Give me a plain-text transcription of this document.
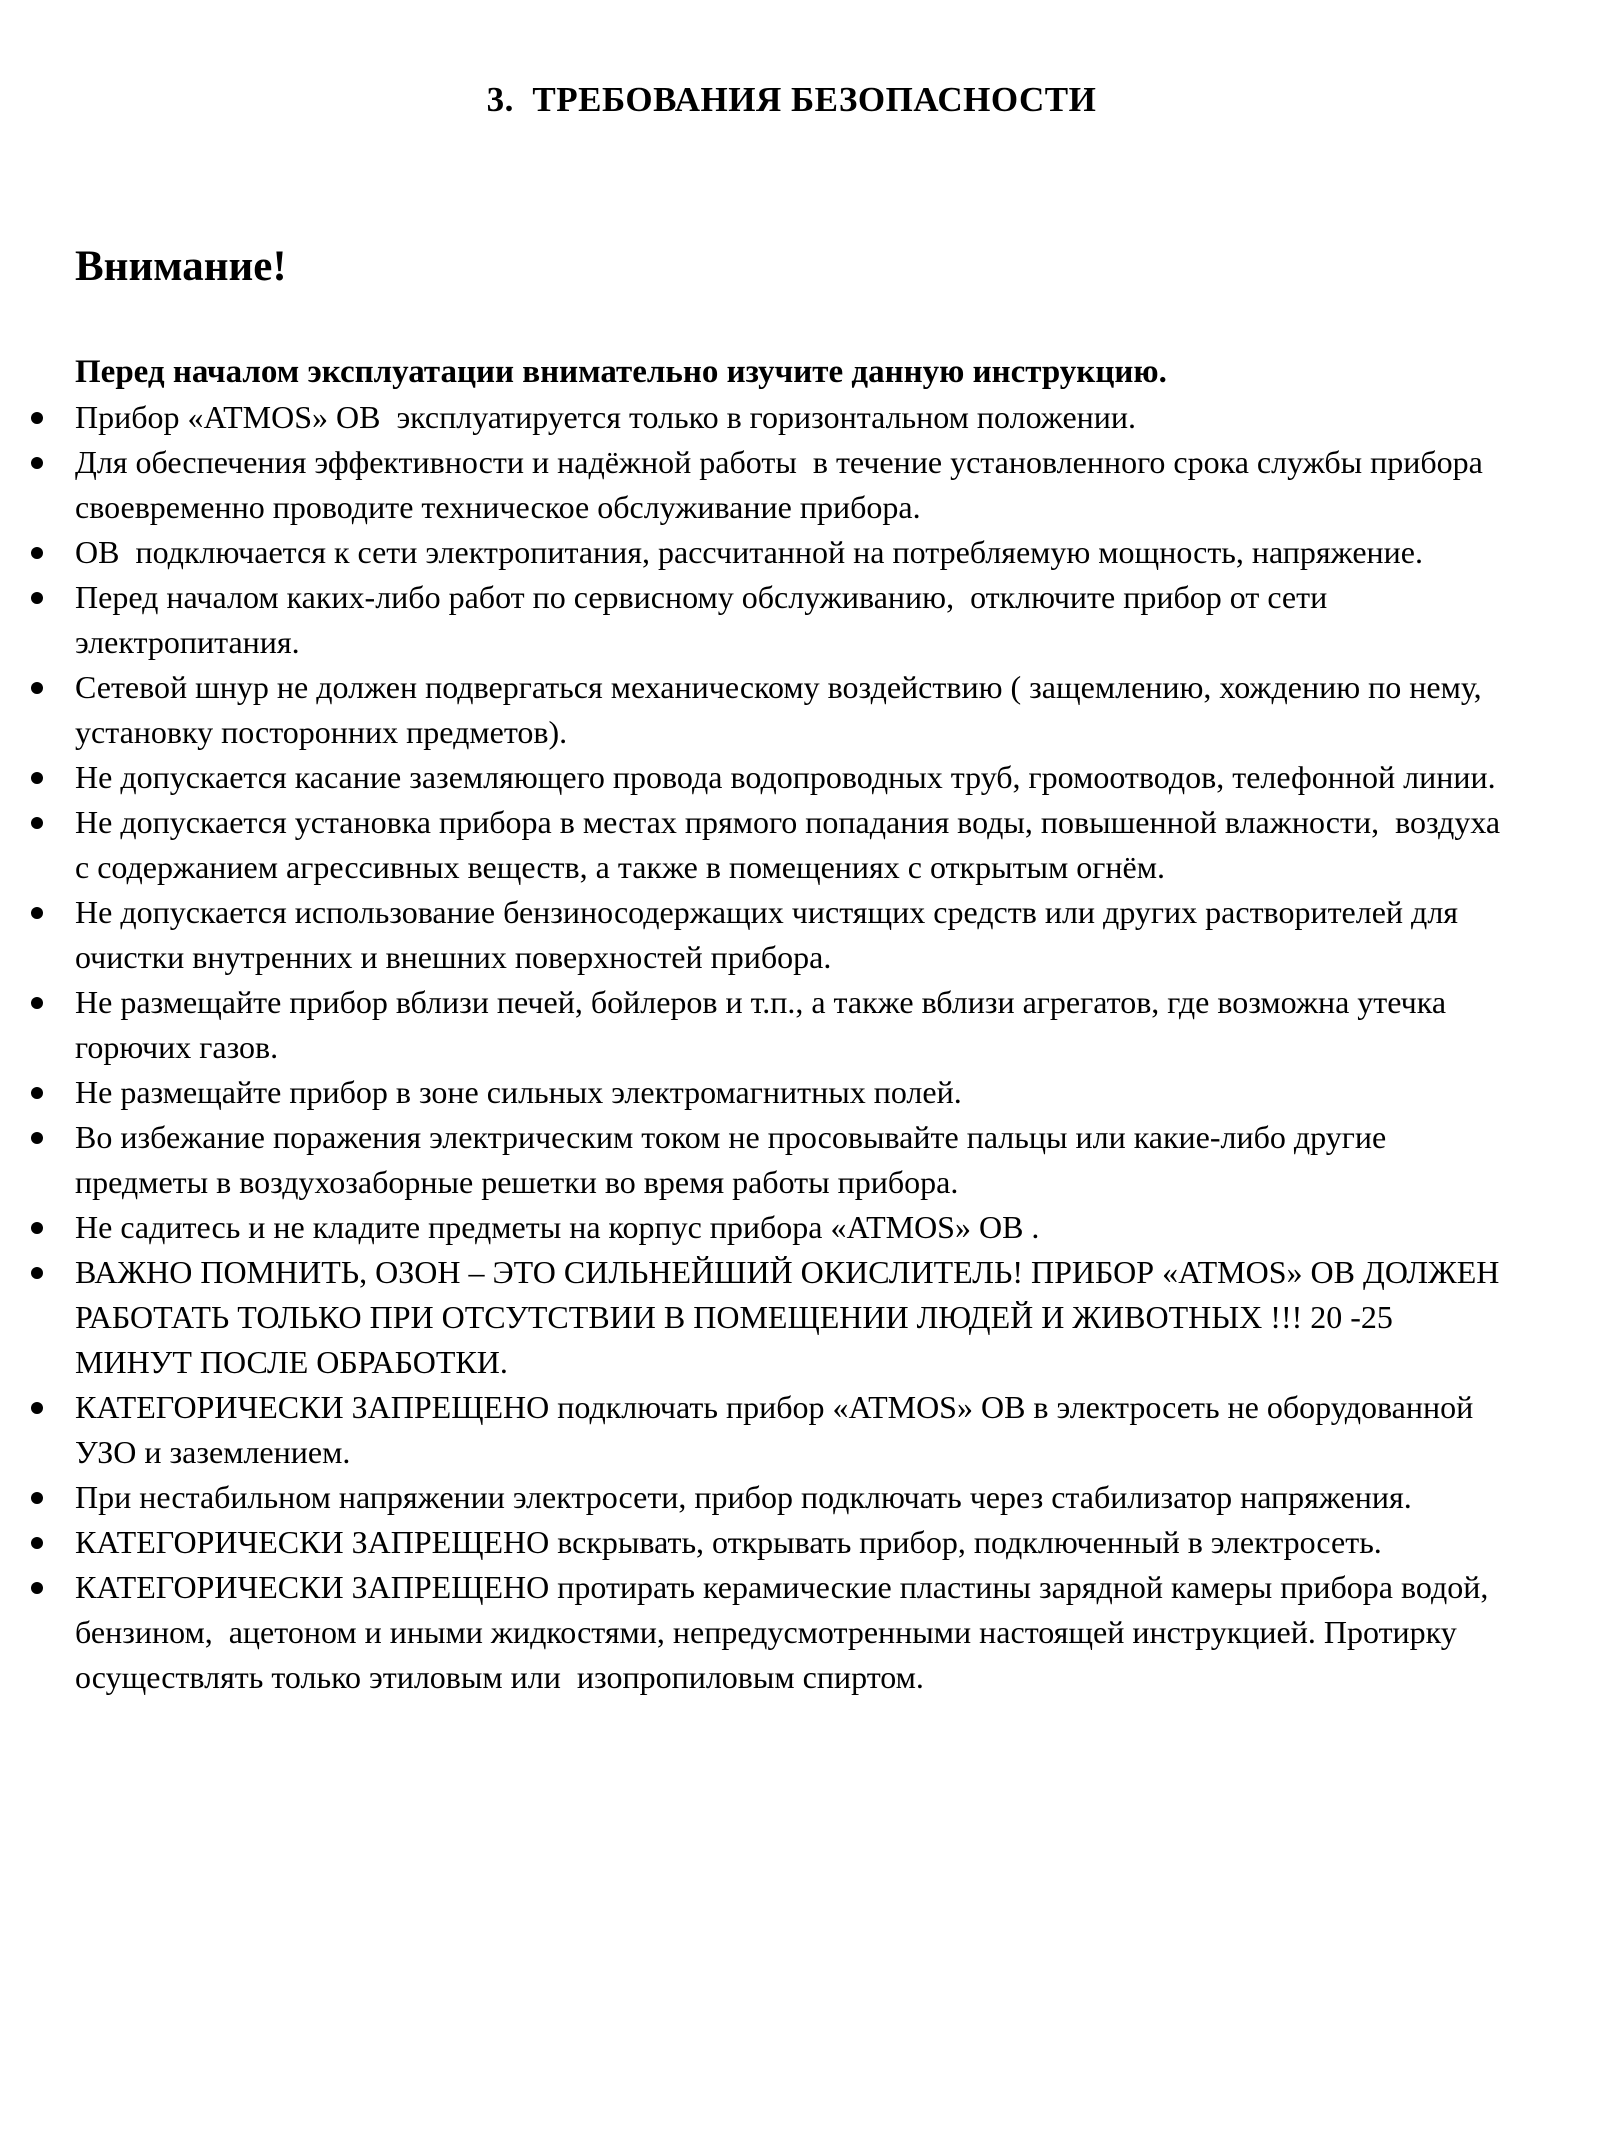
3.  ТРЕБОВАНИЯ БЕЗОПАСНОСТИ
Внимание!

Перед началом эксплуатации внимательно изучите данную инструкцию.

Прибор «ATMOS» ОВ  эксплуатируется только в горизонтальном положении.
Для обеспечения эффективности и надёжной работы  в течение установленного срока службы прибора своевременно проводите техническое обслуживание прибора.
ОВ  подключается к сети электропитания, рассчитанной на потребляемую мощность, напряжение.
Перед началом каких-либо работ по сервисному обслуживанию,  отключите прибор от сети электропитания.
Сетевой шнур не должен подвергаться механическому воздействию ( защемлению, хождению по нему, установку посторонних предметов).
Не допускается касание заземляющего провода водопроводных труб, громоотводов, телефонной линии.
Не допускается установка прибора в местах прямого попадания воды, повышенной влажности,  воздуха с содержанием агрессивных веществ, а также в помещениях с открытым огнём.
Не допускается использование бензиносодержащих чистящих средств или других растворителей для очистки внутренних и внешних поверхностей прибора.
Не размещайте прибор вблизи печей, бойлеров и т.п., а также вблизи агрегатов, где возможна утечка горючих газов.
Не размещайте прибор в зоне сильных электромагнитных полей.
Во избежание поражения электрическим током не просовывайте пальцы или какие-либо другие предметы в воздухозаборные решетки во время работы прибора.
Не садитесь и не кладите предметы на корпус прибора «ATMOS» ОВ .
ВАЖНО ПОМНИТЬ, ОЗОН – ЭТО СИЛЬНЕЙШИЙ ОКИСЛИТЕЛЬ! ПРИБОР «ATMOS» ОВ ДОЛЖЕН РАБОТАТЬ ТОЛЬКО ПРИ ОТСУТСТВИИ В ПОМЕЩЕНИИ ЛЮДЕЙ И ЖИВОТНЫХ !!! 20 -25  МИНУТ ПОСЛЕ ОБРАБОТКИ.
КАТЕГОРИЧЕСКИ ЗАПРЕЩЕНО подключать прибор «ATMOS» ОВ в электросеть не оборудованной УЗО и заземлением.
При нестабильном напряжении электросети, прибор подключать через стабилизатор напряжения.
КАТЕГОРИЧЕСКИ ЗАПРЕЩЕНО вскрывать, открывать прибор, подключенный в электросеть.
КАТЕГОРИЧЕСКИ ЗАПРЕЩЕНО протирать керамические пластины зарядной камеры прибора водой, бензином,  ацетоном и иными жидкостями, непредусмотренными настоящей инструкцией. Протирку осуществлять только этиловым или  изопропиловым спиртом.
